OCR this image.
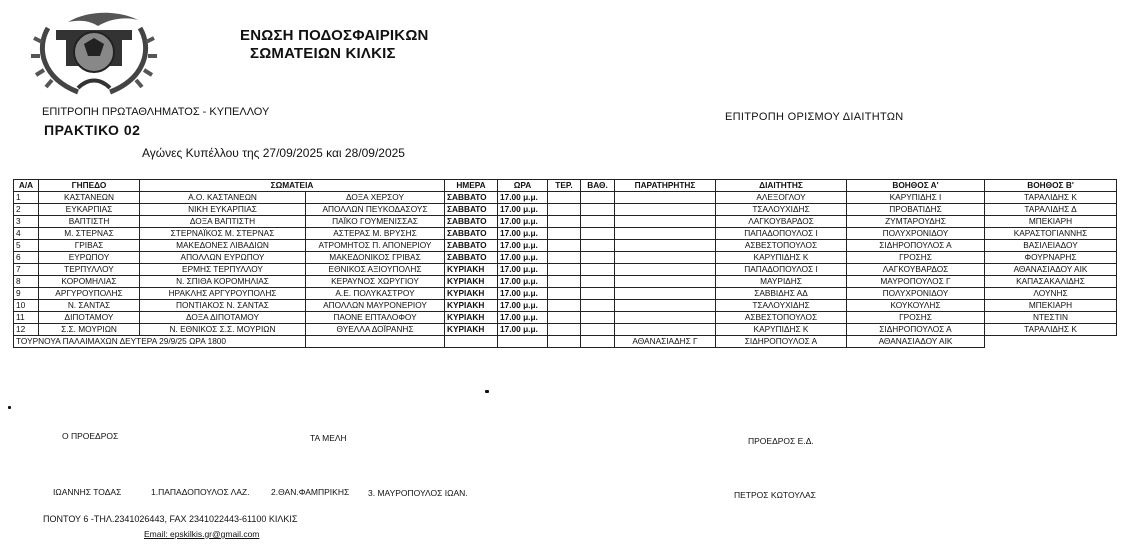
ΕΝΩΣΗ ΠΟΔΟΣΦΑΙΡΙΚΩΝ
ΣΩΜΑΤΕΙΩΝ ΚΙΛΚΙΣ
ΕΠΙΤΡΟΠΗ ΠΡΩΤΑΘΛΗΜΑΤΟΣ - ΚΥΠΕΛΛΟΥ	ΕΠΙΤΡΟΠΗ ΟΡΙΣΜΟΥ ΔΙΑΙΤΗΤΩΝ
ΠΡΑΚΤΙΚΟ 02
Αγώνες Κυπέλλου της 27/09/2025 και 28/09/2025
Α/Α	ΓΗΠΕΔΟ	ΣΩΜΑΤΕΙΑ		ΗΜΕΡΑ	ΩΡΑ	ΤΕΡ.	ΒΑΘ.	ΠΑΡΑΤΗΡΗΤΗΣ	ΔΙΑΙΤΗΤΗΣ	ΒΟΗΘΟΣ Α'	ΒΟΗΘΟΣ Β'
1	ΚΑΣΤΑΝΕΩΝ	Α.Ο. ΚΑΣΤΑΝΕΩΝ	ΔΟΞΑ ΧΕΡΣΟΥ	ΣΑΒΒΑΤΟ	17.00 μ.μ.				ΑΛΕΞΟΓΛΟΥ	ΚΑΡΥΠΙΔΗΣ Ι	ΤΑΡΑΛΙΔΗΣ Κ
2	ΕΥΚΑΡΠΙΑΣ	ΝΙΚΗ ΕΥΚΑΡΠΙΑΣ	ΑΠΟΛΛΩΝ ΠΕΥΚΟΔΑΣΟΥΣ	ΣΑΒΒΑΤΟ	17.00 μ.μ.				ΤΣΑΛΟΥΧΙΔΗΣ	ΠΡΟΒΑΤΙΔΗΣ	ΤΑΡΑΛΙΔΗΣ Δ
3	ΒΑΠΤΙΣΤΗ	ΔΟΞΑ ΒΑΠΤΙΣΤΗ	ΠΑΪΚΟ ΓΟΥΜΕΝΙΣΣΑΣ	ΣΑΒΒΑΤΟ	17.00 μ.μ.				ΛΑΓΚΟΥΒΑΡΔΟΣ	ΖΥΜΤΑΡΟΥΔΗΣ	ΜΠΕΚΙΑΡΗ
4	Μ. ΣΤΕΡΝΑΣ	ΣΤΕΡΝΑΪΚΟΣ Μ. ΣΤΕΡΝΑΣ	ΑΣΤΕΡΑΣ Μ. ΒΡΥΣΗΣ	ΣΑΒΒΑΤΟ	17.00 μ.μ.				ΠΑΠΑΔΟΠΟΥΛΟΣ Ι	ΠΟΛΥΧΡΟΝΙΔΟΥ	ΚΑΡΑΣΤΟΓΙΑΝΝΗΣ
5	ΓΡΙΒΑΣ	ΜΑΚΕΔΟΝΕΣ ΛΙΒΑΔΙΩΝ	ΑΤΡΟΜΗΤΟΣ Π. ΑΠΟΝΕΡΙΟΥ	ΣΑΒΒΑΤΟ	17.00 μ.μ.				ΑΣΒΕΣΤΟΠΟΥΛΟΣ	ΣΙΔΗΡΟΠΟΥΛΟΣ Α	ΒΑΣΙΛΕΙΑΔΟΥ
6	ΕΥΡΩΠΟΥ	ΑΠΟΛΛΩΝ ΕΥΡΩΠΟΥ	ΜΑΚΕΔΟΝΙΚΟΣ ΓΡΙΒΑΣ	ΣΑΒΒΑΤΟ	17.00 μ.μ.				ΚΑΡΥΠΙΔΗΣ Κ	ΓΡΟΣΗΣ	ΦΟΥΡΝΑΡΗΣ
7	ΤΕΡΠΥΛΛΟΥ	ΕΡΜΗΣ ΤΕΡΠΥΛΛΟΥ	ΕΘΝΙΚΟΣ ΑΞΙΟΥΠΟΛΗΣ	ΚΥΡΙΑΚΗ	17.00 μ.μ.				ΠΑΠΑΔΟΠΟΥΛΟΣ Ι	ΛΑΓΚΟΥΒΑΡΔΟΣ	ΑΘΑΝΑΣΙΑΔΟΥ ΑΙΚ
8	ΚΟΡΟΜΗΛΙΑΣ	Ν. ΣΠΙΘΑ ΚΟΡΟΜΗΛΙΑΣ	ΚΕΡΑΥΝΟΣ ΧΩΡΥΓΙΟΥ	ΚΥΡΙΑΚΗ	17.00 μ.μ.				ΜΑΥΡΙΔΗΣ	ΜΑΥΡΟΠΟΥΛΟΣ Γ	ΚΑΠΑΣΑΚΑΛΙΔΗΣ
9	ΑΡΓΥΡΟΥΠΟΛΗΣ	ΗΡΑΚΛΗΣ ΑΡΓΥΡΟΥΠΟΛΗΣ	Α.Ε. ΠΟΛΥΚΑΣΤΡΟΥ	ΚΥΡΙΑΚΗ	17.00 μ.μ.				ΣΑΒΒΙΔΗΣ ΑΔ	ΠΟΛΥΧΡΟΝΙΔΟΥ	ΛΟΥΝΗΣ
10	Ν. ΣΑΝΤΑΣ	ΠΟΝΤΙΑΚΟΣ Ν. ΣΑΝΤΑΣ	ΑΠΟΛΛΩΝ ΜΑΥΡΟΝΕΡΙΟΥ	ΚΥΡΙΑΚΗ	17.00 μ.μ.				ΤΣΑΛΟΥΧΙΔΗΣ	ΚΟΥΚΟΥΛΗΣ	ΜΠΕΚΙΑΡΗ
11	ΔΙΠΟΤΑΜΟΥ	ΔΟΞΑ ΔΙΠΟΤΑΜΟΥ	ΠΑΟΝΕ ΕΠΤΑΛΟΦΟΥ	ΚΥΡΙΑΚΗ	17.00 μ.μ.				ΑΣΒΕΣΤΟΠΟΥΛΟΣ	ΓΡΟΣΗΣ	ΝΤΕΣΤΙΝ
12	Σ.Σ. ΜΟΥΡΙΩΝ	Ν. ΕΘΝΙΚΟΣ Σ.Σ. ΜΟΥΡΙΩΝ	ΘΥΕΛΛΑ ΔΟΪΡΑΝΗΣ	ΚΥΡΙΑΚΗ	17.00 μ.μ.				ΚΑΡΥΠΙΔΗΣ Κ	ΣΙΔΗΡΟΠΟΥΛΟΣ Α	ΤΑΡΑΛΙΔΗΣ Κ
ΤΟΥΡΝΟΥΑ ΠΑΛΑΙΜΑΧΩΝ ΔΕΥΤΕΡΑ 29/9/25 ΩΡΑ 1800								ΑΘΑΝΑΣΙΑΔΗΣ Γ	ΣΙΔΗΡΟΠΟΥΛΟΣ Α	ΑΘΑΝΑΣΙΑΔΟΥ ΑΙΚ	
Ο ΠΡΟΕΔΡΟΣ	ΤΑ ΜΕΛΗ	ΠΡΟΕΔΡΟΣ Ε.Δ.
ΙΩΑΝΝΗΣ ΤΟΔΑΣ	1.ΠΑΠΑΔΟΠΟΥΛΟΣ ΛΑΖ.	2.ΘΑΝ.ΦΑΜΠΡΙΚΗΣ 3. ΜΑΥΡΟΠΟΥΛΟΣ ΙΩΑΝ.	ΠΕΤΡΟΣ ΚΩΤΟΥΛΑΣ
ΠΟΝΤΟΥ 6 -ΤΗΛ.2341026443, FAX 2341022443-61100 ΚΙΛΚΙΣ
Email: epskilkis.gr@gmail.com
